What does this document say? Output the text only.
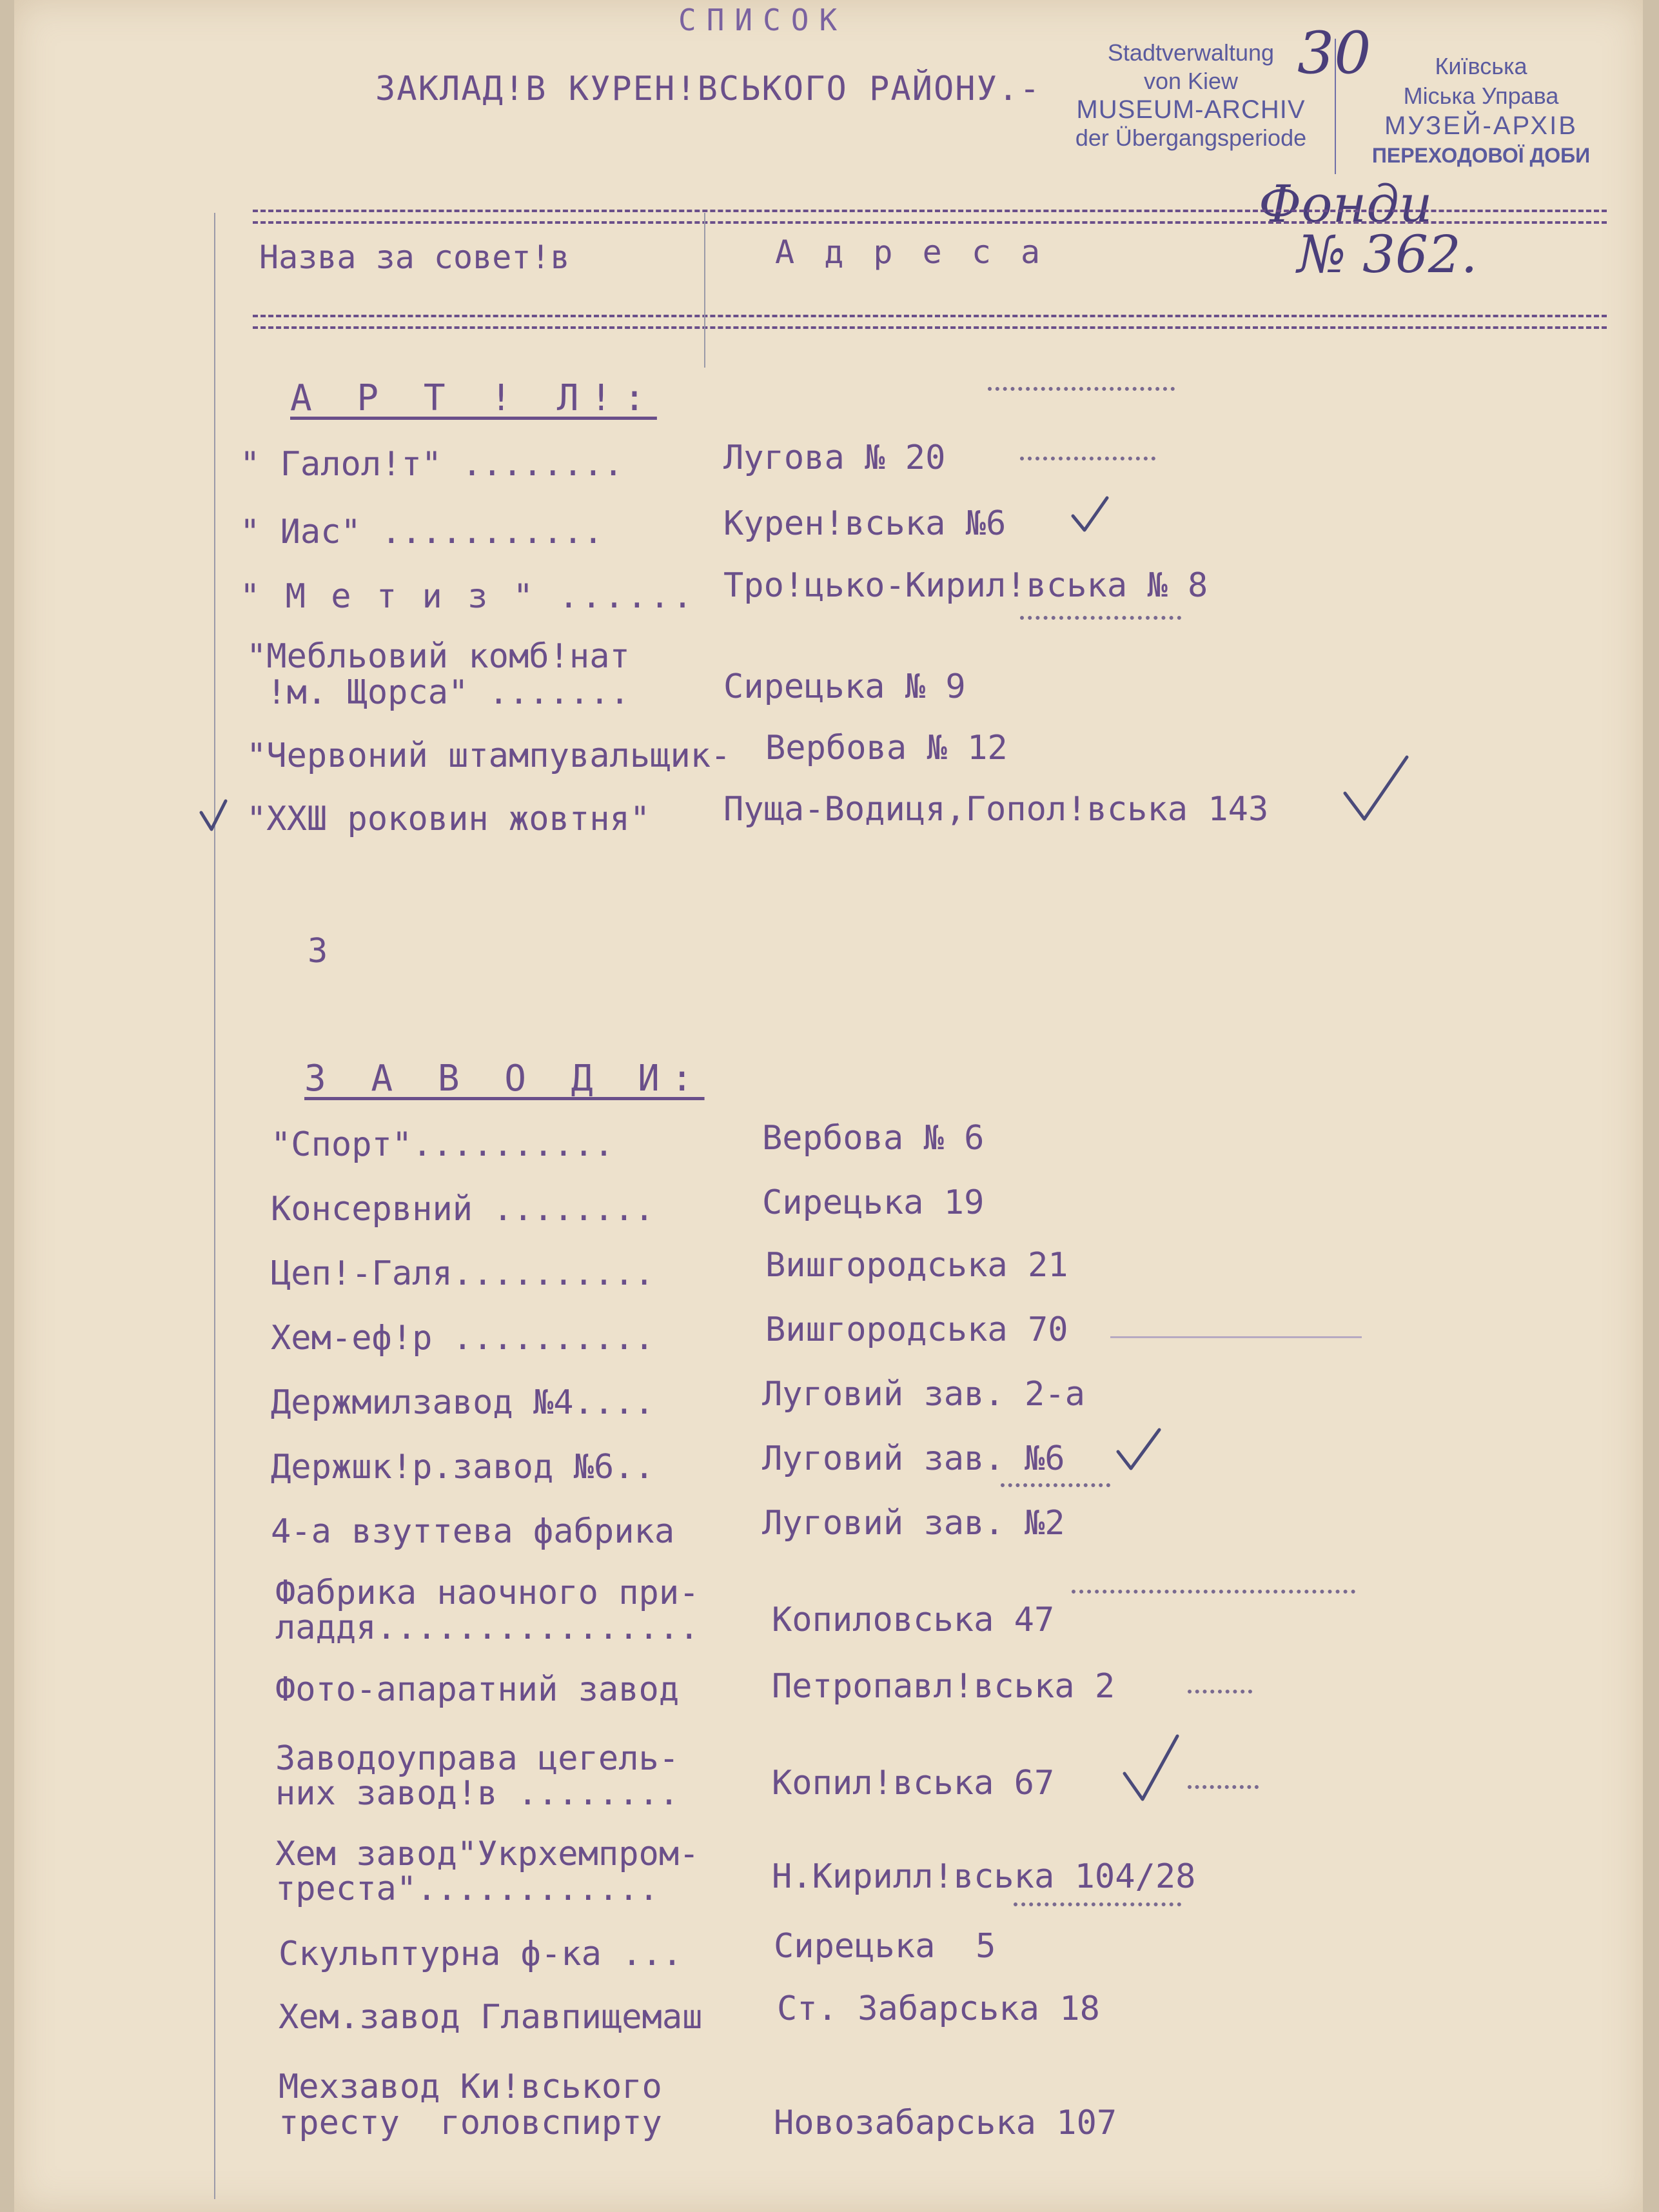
СПИСОК
ЗАКЛАД!В КУРЕН!ВСЬКОГО РАЙОНУ.-
Stadtverwaltung
von Kiew
MUSEUM-ARCHIV
der Übergangsperiode
Київська
Міська Управа
МУЗЕЙ-АРХІВ
ПЕРЕХОДОВОЇ ДОБИ
30
Фонди
№ 362.
Назва за совет!в	А д р е с а
А Р Т ! Л!:
" Галол!т" ........	Лугова № 20
" Иас" ...........	Курен!вська №6
" М е т и з " ...... Тро!цько-Кирил!вська № 8
"Мебльовий комб!нат
!м. Щорса" .......	Сирецька № 9
"Червоний штампувальщик- Вербова № 12
"ХХШ роковин жовтня" Пуща-Водиця,Гопол!вська 143
3
З А В О Д И:
"Спорт"..........	Вербова № 6
Консервний ........	Сирецька 19
Цеп!-Галя..........	Вишгородська 21
Хем-еф!р ..........	Вишгородська 70
Держмилзавод №4....	Луговий зав. 2-а
Держшк!р.завод №6..	Луговий зав. №6
4-а взуттева фабрика	Луговий зав. №2
Фабрика наочного при-
ладдя................ Копиловська 47
Фото-апаратний завод	Петропавл!вська 2
Заводоуправа цегель-
них завод!в ........	Копил!вська 67
Хем завод"Укрхемпром-
треста"............	Н.Кирилл!вська 104/28
Скульптурна ф-ка ...	Сирецька  5
Хем.завод Главпищемаш Ст. Забарська 18
Мехзавод Ки!вського
тресту  головспирту	Новозабарська 107
